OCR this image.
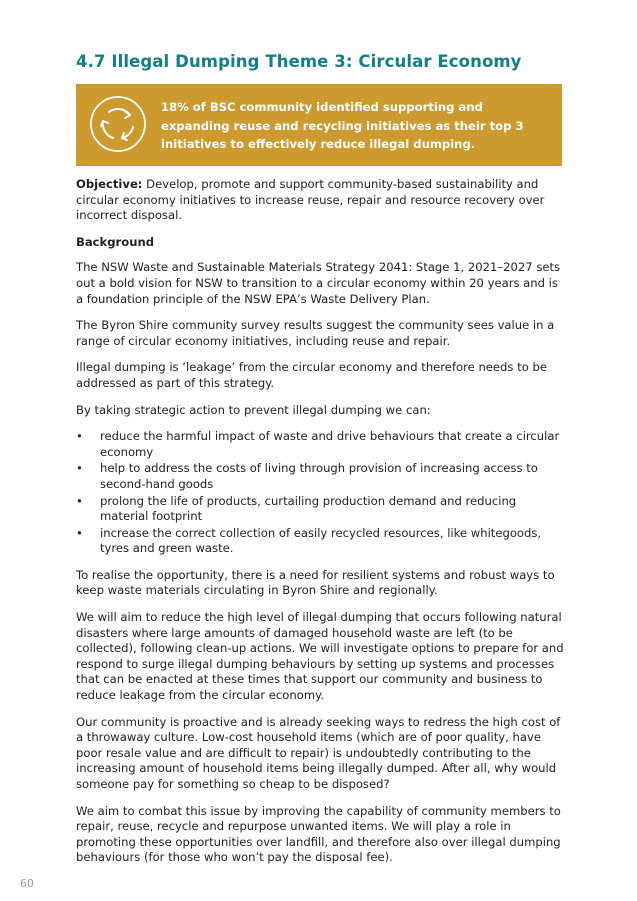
4.7 Illegal Dumping Theme 3: Circular Economy
18% of BSC community identified supporting and expanding reuse and recycling initiatives as their top 3 initiatives to effectively reduce illegal dumping.

Objective: Develop, promote and support community-based sustainability and circular economy initiatives to increase reuse, repair and resource recovery over incorrect disposal.

Background

The NSW Waste and Sustainable Materials Strategy 2041: Stage 1, 2021–2027 sets out a bold vision for NSW to transition to a circular economy within 20 years and is a foundation principle of the NSW EPA’s Waste Delivery Plan.

The Byron Shire community survey results suggest the community sees value in a range of circular economy initiatives, including reuse and repair.

Illegal dumping is ‘leakage’ from the circular economy and therefore needs to be addressed as part of this strategy.

By taking strategic action to prevent illegal dumping we can:

• reduce the harmful impact of waste and drive behaviours that create a circular economy
• help to address the costs of living through provision of increasing access to second-hand goods
• prolong the life of products, curtailing production demand and reducing material footprint
• increase the correct collection of easily recycled resources, like whitegoods, tyres and green waste.

To realise the opportunity, there is a need for resilient systems and robust ways to keep waste materials circulating in Byron Shire and regionally.

We will aim to reduce the high level of illegal dumping that occurs following natural disasters where large amounts of damaged household waste are left (to be collected), following clean-up actions. We will investigate options to prepare for and respond to surge illegal dumping behaviours by setting up systems and processes that can be enacted at these times that support our community and business to reduce leakage from the circular economy.

Our community is proactive and is already seeking ways to redress the high cost of a throwaway culture. Low-cost household items (which are of poor quality, have poor resale value and are difficult to repair) is undoubtedly contributing to the increasing amount of household items being illegally dumped. After all, why would someone pay for something so cheap to be disposed?

We aim to combat this issue by improving the capability of community members to repair, reuse, recycle and repurpose unwanted items. We will play a role in promoting these opportunities over landfill, and therefore also over illegal dumping behaviours (for those who won’t pay the disposal fee).

60
